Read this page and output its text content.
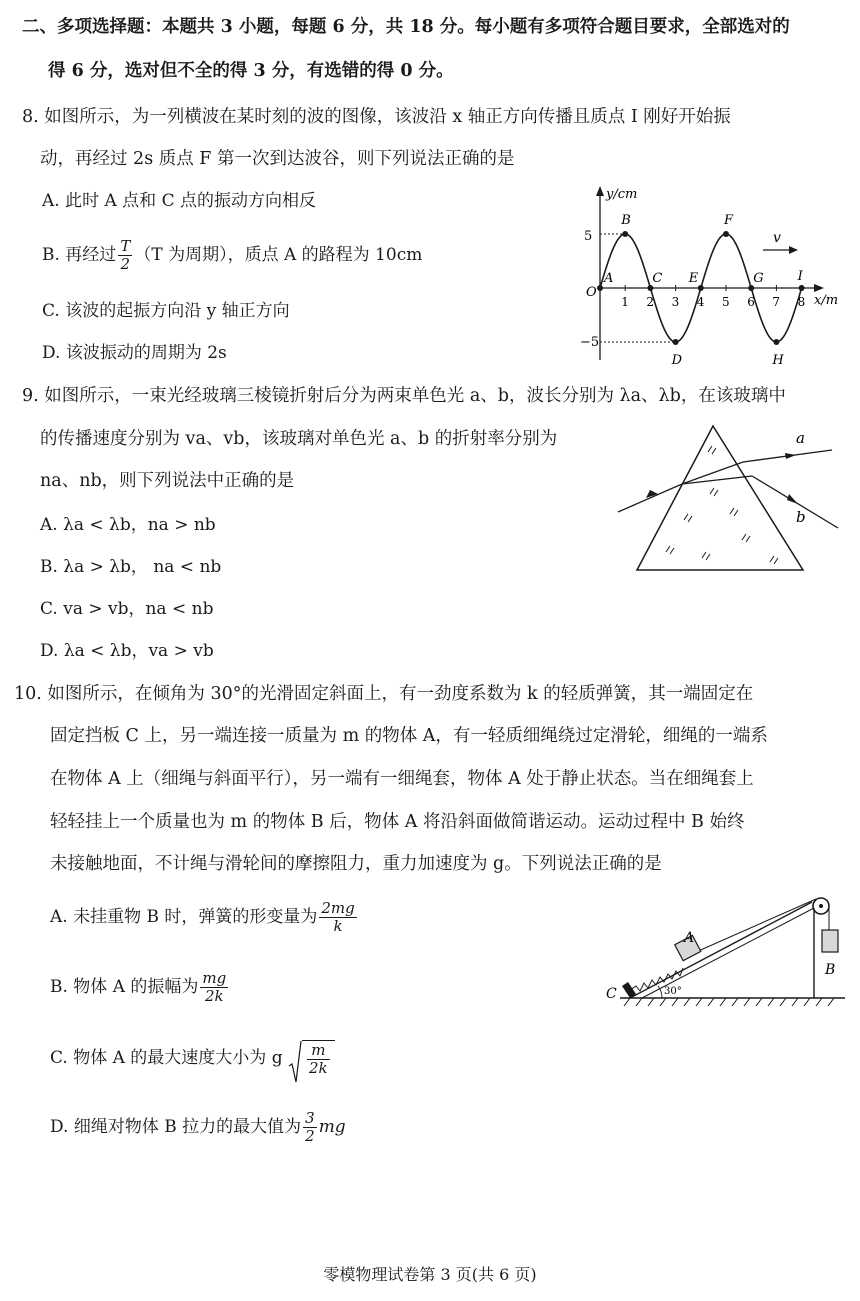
二、多项选择题：本题共 3 小题，每题 6 分，共 18 分。每小题有多项符合题目要求，全部选对的
得 6 分，选对但不全的得 3 分，有选错的得 0 分。
8. 如图所示，为一列横波在某时刻的波的图像，该波沿 x 轴正方向传播且质点 I 刚好开始振
动，再经过 2s 质点 F 第一次到达波谷，则下列说法正确的是
A. 此时 A 点和 C 点的振动方向相反
B. 再经过 $\frac{T}{2} (T$ 为周期），质点 A 的路程为 10cm
C. 该波的起振方向沿 y 轴正方向
D. 该波振动的周期为 2s
y/cm
x/m
O
5
−5
1 2 3 4 5 6 7 8
A
B
C
D
E
F
G
H
I
v
9. 如图所示，一束光经玻璃三棱镜折射后分为两束单色光 a、b，波长分别为 λa、λb，在该玻璃中
的传播速度分别为 va、vb，该玻璃对单色光 a、b 的折射率分别为
na、nb，则下列说法中正确的是
A. λa < λb，na > nb
B. λa > λb， na < nb
C. va > vb，na < nb
D. λa < λb，va > vb
a
b
10. 如图所示，在倾角为 30°的光滑固定斜面上，有一劲度系数为 k 的轻质弹簧，其一端固定在
固定挡板 C 上，另一端连接一质量为 m 的物体 A，有一轻质细绳绕过定滑轮，细绳的一端系
在物体 A 上（细绳与斜面平行），另一端有一细绳套，物体 A 处于静止状态。当在细绳套上
轻轻挂上一个质量也为 m 的物体 B 后，物体 A 将沿斜面做简谐运动。运动过程中 B 始终
未接触地面，不计绳与滑轮间的摩擦阻力，重力加速度为 g。下列说法正确的是
A. 未挂重物 B 时，弹簧的形变量为 $\frac{2mg}{k}$
B. 物体 A 的振幅为 $\frac{mg}{2k}$
C. 物体 A 的最大速度大小为 g $\frac{m}{2k}$
D. 细绳对物体 B 拉力的最大值为 $\frac{3}{2}$ mg
B
A
C	30°
零模物理试卷第 3 页(共 6 页)
